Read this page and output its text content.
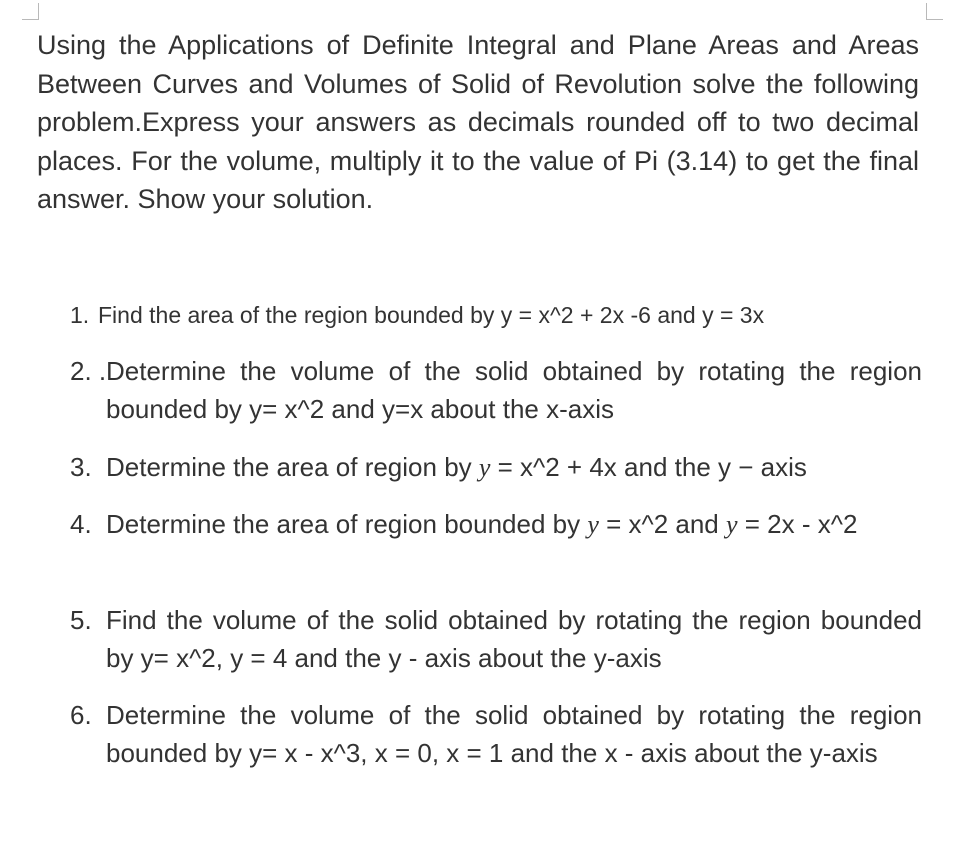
Using the Applications of Definite Integral and Plane Areas and Areas Between Curves and Volumes of Solid of Revolution solve the following problem.Express your answers as decimals rounded off to two decimal places. For the volume, multiply it to the value of Pi (3.14) to get the final answer. Show your solution.

1. Find the area of the region bounded by y = x^2 + 2x -6 and y = 3x
2. . Determine the volume of the solid obtained by rotating the region bounded by y= x^2 and y=x about the x-axis
3. Determine the area of region by y = x^2 + 4x and the y − axis
4. Determine the area of region bounded by y = x^2 and y = 2x - x^2
5. Find the volume of the solid obtained by rotating the region bounded by y= x^2, y = 4 and the y - axis about the y-axis
6. Determine the volume of the solid obtained by rotating the region bounded by y= x - x^3, x = 0, x = 1 and the x - axis about the y-axis
